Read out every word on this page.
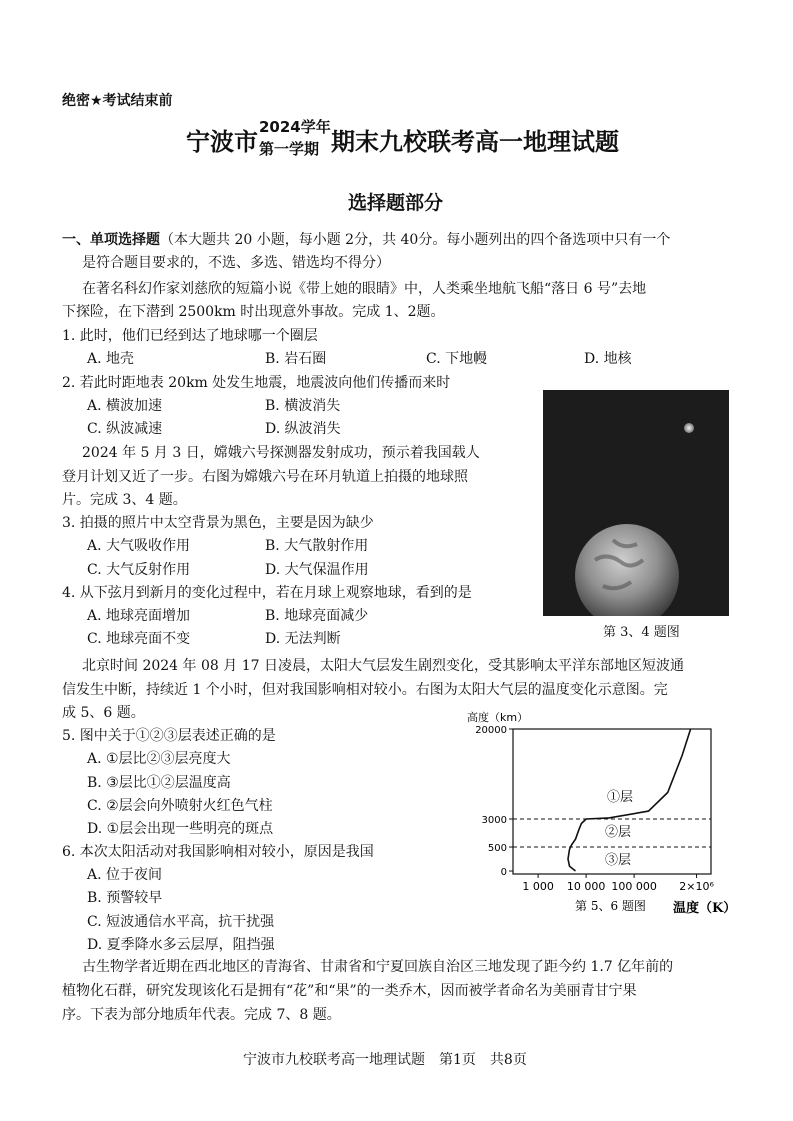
绝密★考试结束前
宁波市 2024学年
第一学期 期末九校联考高一地理试题
选择题部分
一、单项选择题（本大题共 20 小题，每小题 2分，共 40分。每小题列出的四个备选项中只有一个
是符合题目要求的，不选、多选、错选均不得分）
在著名科幻作家刘慈欣的短篇小说《带上她的眼睛》中，人类乘坐地航飞船“落日 6 号”去地
下探险，在下潜到 2500km 时出现意外事故。完成 1、2题。
1. 此时，他们已经到达了地球哪一个圈层
A. 地壳	B. 岩石圈	C. 下地幔	D. 地核
2. 若此时距地表 20km 处发生地震，地震波向他们传播而来时
A. 横波加速	B. 横波消失
C. 纵波减速	D. 纵波消失
2024 年 5 月 3 日，嫦娥六号探测器发射成功，预示着我国载人
登月计划又近了一步。右图为嫦娥六号在环月轨道上拍摄的地球照
片。完成 3、4 题。
3. 拍摄的照片中太空背景为黑色，主要是因为缺少
A. 大气吸收作用	B. 大气散射作用
C. 大气反射作用	D. 大气保温作用
4. 从下弦月到新月的变化过程中，若在月球上观察地球，看到的是
A. 地球亮面增加	B. 地球亮面减少
C. 地球亮面不变	D. 无法判断	第 3、4 题图
北京时间 2024 年 08 月 17 日凌晨，太阳大气层发生剧烈变化，受其影响太平洋东部地区短波通
信发生中断，持续近 1 个小时，但对我国影响相对较小。右图为太阳大气层的温度变化示意图。完
成 5、6 题。
5. 图中关于①②③层表述正确的是
A. ①层比②③层亮度大
B. ③层比①②层温度高
C. ②层会向外喷射火红色气柱
D. ①层会出现一些明亮的斑点
6. 本次太阳活动对我国影响相对较小，原因是我国
A. 位于夜间
B. 预警较早
C. 短波通信水平高，抗干扰强
D. 夏季降水多云层厚，阻挡强
高度（km）
20000
3000
500
0
1 000 10 000 100 000 2×10⁶
①层
②层
③层
第 5、6 题图 温度（K）
古生物学者近期在西北地区的青海省、甘肃省和宁夏回族自治区三地发现了距今约 1.7 亿年前的
植物化石群，研究发现该化石是拥有“花”和“果”的一类乔木，因而被学者命名为美丽青甘宁果
序。下表为部分地质年代表。完成 7、8 题。
宁波市九校联考高一地理试题　第1页　共8页
